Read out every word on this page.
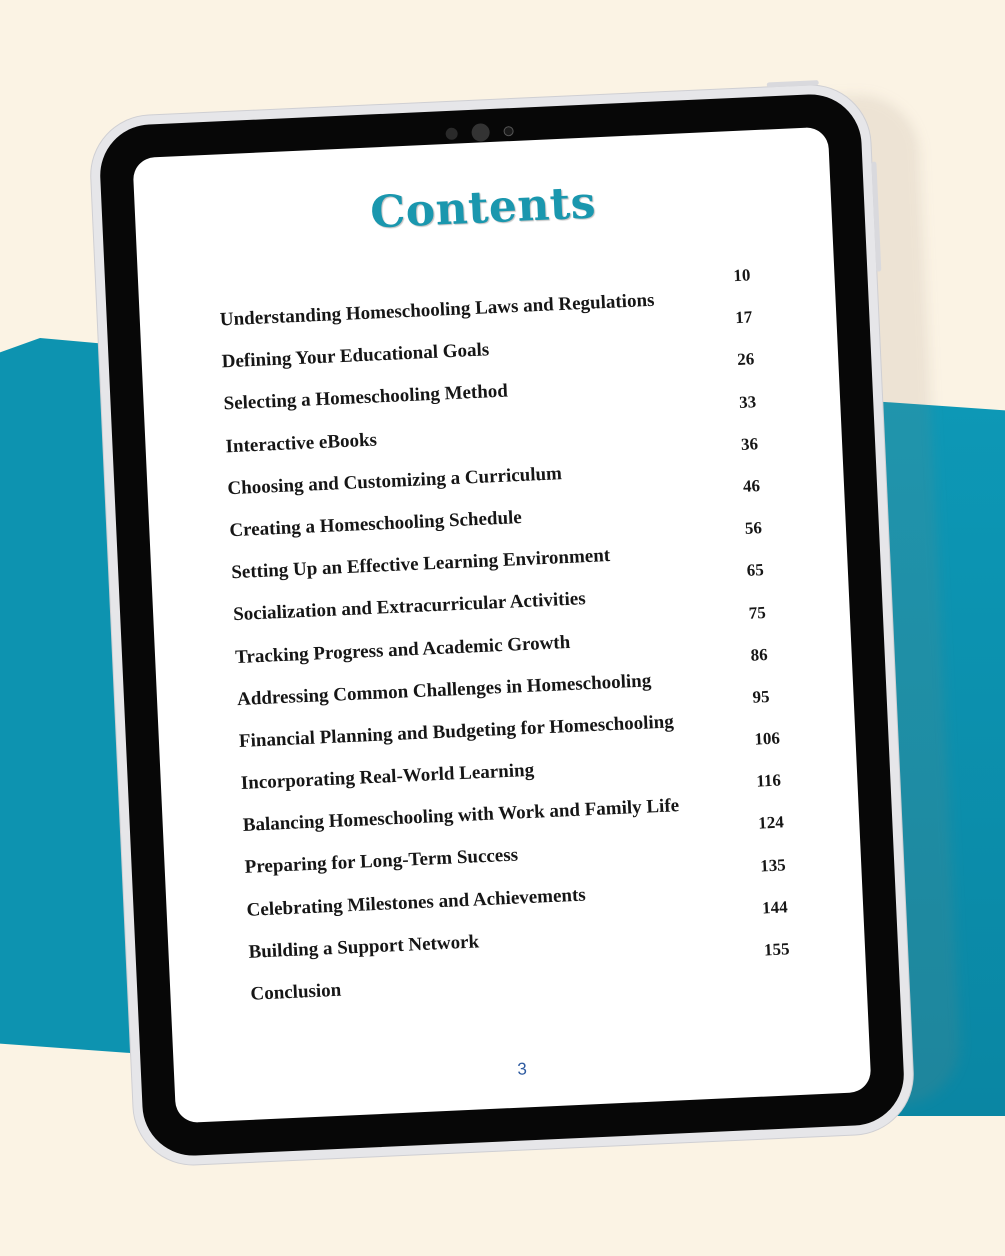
Contents
Understanding Homeschooling Laws and Regulations
10
Defining Your Educational Goals
17
Selecting a Homeschooling Method
26
Interactive eBooks
33
Choosing and Customizing a Curriculum
36
Creating a Homeschooling Schedule
46
Setting Up an Effective Learning Environment
56
Socialization and Extracurricular Activities
65
Tracking Progress and Academic Growth
75
Addressing Common Challenges in Homeschooling
86
Financial Planning and Budgeting for Homeschooling
95
Incorporating Real-World Learning
106
Balancing Homeschooling with Work and Family Life
116
Preparing for Long-Term Success
124
Celebrating Milestones and Achievements
135
Building a Support Network
144
Conclusion
155
3
